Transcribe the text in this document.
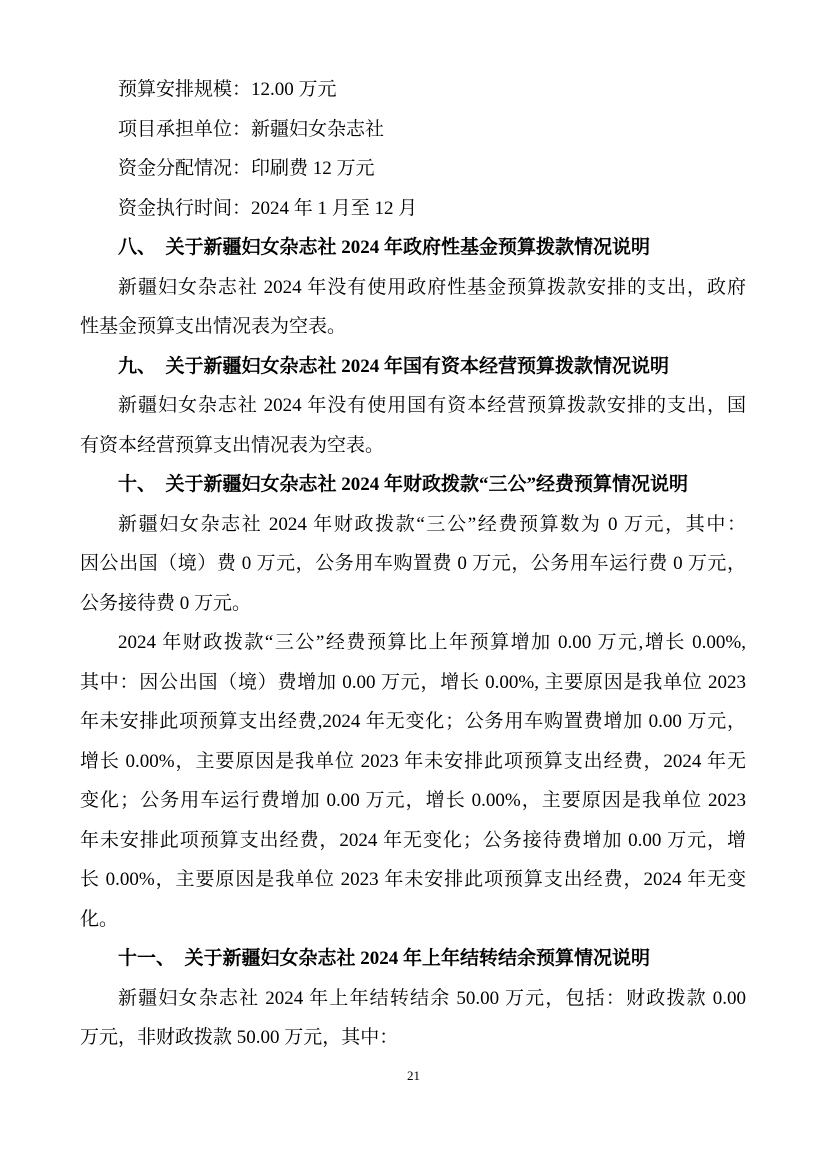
预算安排规模：12.00 万元
项目承担单位：新疆妇女杂志社
资金分配情况：印刷费 12 万元
资金执行时间：2024 年 1 月至 12 月
八、　关于新疆妇女杂志社 2024 年政府性基金预算拨款情况说明
新疆妇女杂志社 2024 年没有使用政府性基金预算拨款安排的支出，政府
性基金预算支出情况表为空表。
九、　关于新疆妇女杂志社 2024 年国有资本经营预算拨款情况说明
新疆妇女杂志社 2024 年没有使用国有资本经营预算拨款安排的支出，国
有资本经营预算支出情况表为空表。
十、　关于新疆妇女杂志社 2024 年财政拨款“三公”经费预算情况说明
新疆妇女杂志社 2024 年财政拨款“三公”经费预算数为 0 万元，其中：
因公出国（境）费 0 万元，公务用车购置费 0 万元，公务用车运行费 0 万元，
公务接待费 0 万元。
2024 年财政拨款“三公”经费预算比上年预算增加 0.00 万元,增长 0.00%,
其中：因公出国（境）费增加 0.00 万元，增长 0.00%, 主要原因是我单位 2023
年未安排此项预算支出经费,2024 年无变化；公务用车购置费增加 0.00 万元，
增长 0.00%，主要原因是我单位 2023 年未安排此项预算支出经费，2024 年无
变化；公务用车运行费增加 0.00 万元，增长 0.00%，主要原因是我单位 2023
年未安排此项预算支出经费，2024 年无变化；公务接待费增加 0.00 万元，增
长 0.00%，主要原因是我单位 2023 年未安排此项预算支出经费，2024 年无变
化。
十一、　关于新疆妇女杂志社 2024 年上年结转结余预算情况说明
新疆妇女杂志社 2024 年上年结转结余 50.00 万元，包括：财政拨款 0.00
万元，非财政拨款 50.00 万元，其中：
21
